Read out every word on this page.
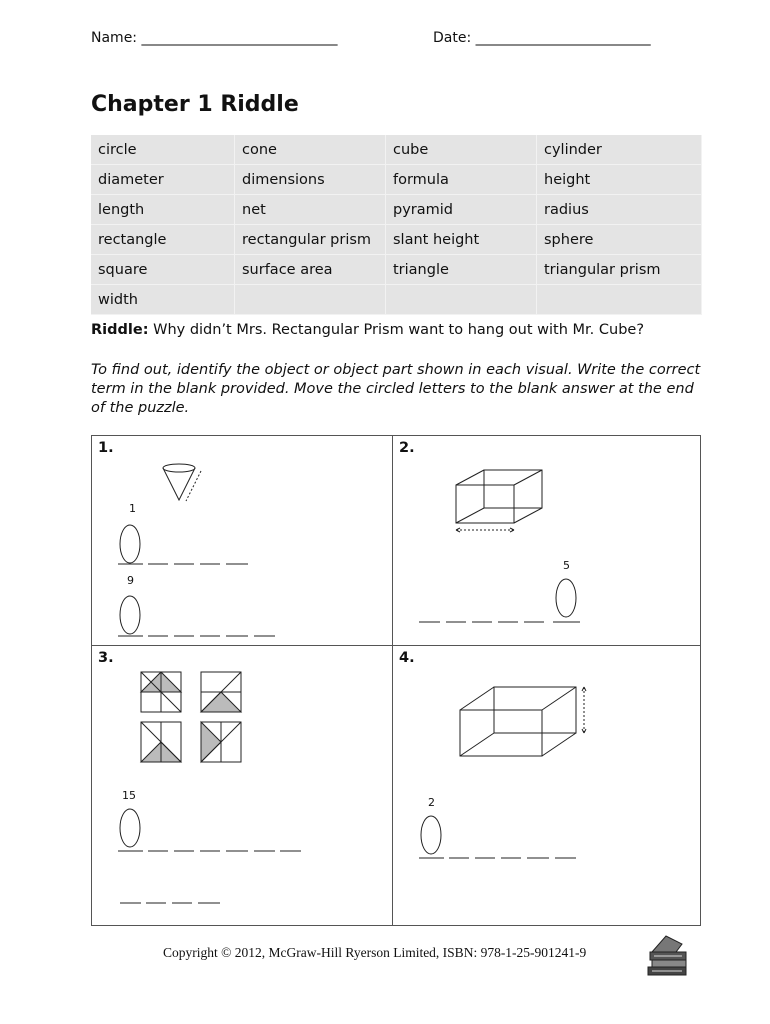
Name: ____________________________	Date: _________________________
Chapter 1 Riddle
circle	cone	cube	cylinder
diameter	dimensions	formula	height
length	net	pyramid	radius
rectangle	rectangular prism	slant height	sphere
square	surface area	triangle	triangular prism
width			
Riddle: Why didn’t Mrs. Rectangular Prism want to hang out with Mr. Cube?
To find out, identify the object or object part shown in each visual. Write the correct term in the blank provided. Move the circled letters to the blank answer at the end of the puzzle.
1.	2.
3.	4.
1
9
5
15
2
Copyright © 2012, McGraw-Hill Ryerson Limited, ISBN: 978-1-25-901241-9
